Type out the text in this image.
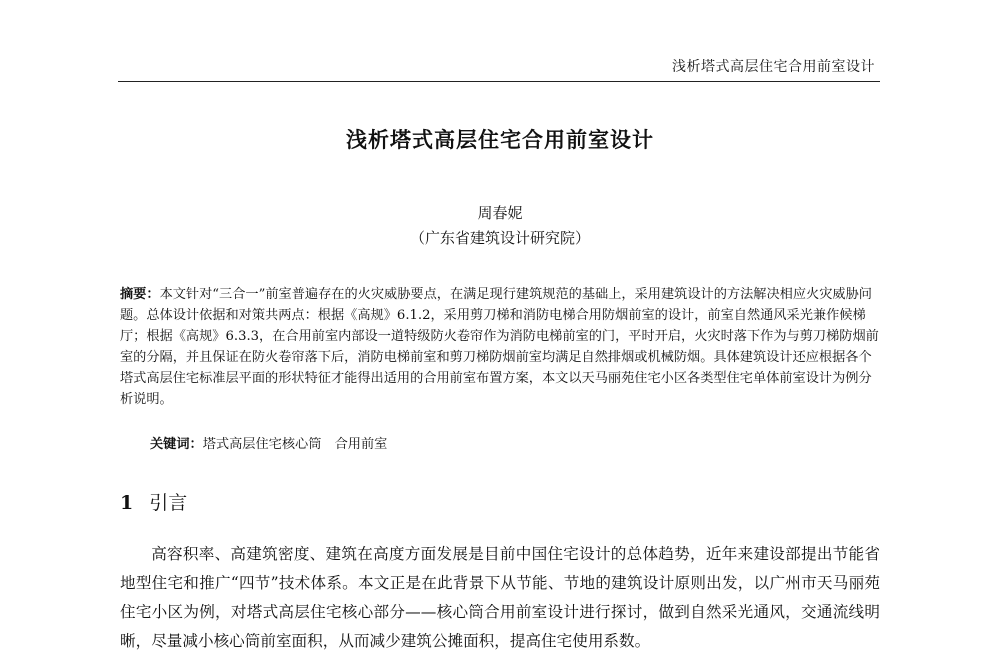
浅析塔式高层住宅合用前室设计
浅析塔式高层住宅合用前室设计
周春妮
（广东省建筑设计研究院）

摘要：本文针对“三合一”前室普遍存在的火灾威胁要点，在满足现行建筑规范的基础上，采用建筑设计的方法解决相应火灾威胁问题。总体设计依据和对策共两点：根据《高规》6.1.2，采用剪刀梯和消防电梯合用防烟前室的设计，前室自然通风采光兼作候梯厅；根据《高规》6.3.3，在合用前室内部设一道特级防火卷帘作为消防电梯前室的门，平时开启，火灾时落下作为与剪刀梯防烟前室的分隔，并且保证在防火卷帘落下后，消防电梯前室和剪刀梯防烟前室均满足自然排烟或机械防烟。具体建筑设计还应根据各个塔式高层住宅标准层平面的形状特征才能得出适用的合用前室布置方案，本文以天马丽苑住宅小区各类型住宅单体前室设计为例分析说明。

关键词：塔式高层住宅核心筒　合用前室
1 引言

高容积率、高建筑密度、建筑在高度方面发展是目前中国住宅设计的总体趋势，近年来建设部提出节能省地型住宅和推广“四节”技术体系。本文正是在此背景下从节能、节地的建筑设计原则出发，以广州市天马丽苑住宅小区为例，对塔式高层住宅核心部分——核心筒合用前室设计进行探讨，做到自然采光通风，交通流线明晰，尽量减小核心筒前室面积，从而减少建筑公摊面积，提高住宅使用系数。
